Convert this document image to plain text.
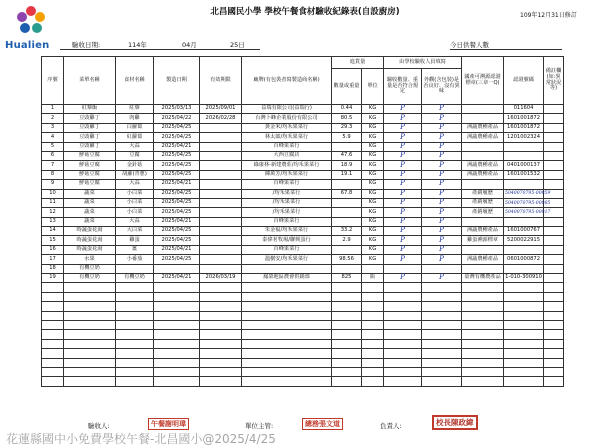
Hualien
北昌國民小學 學校午餐食材驗收紀錄表(自設廚房)	109年12月31日修訂
驗收日期:	114年	04月	25日	今日供餐人數
序號	菜單名稱	食材名稱	製造日期	有效期限	廠牌(有包裝者寫製造商名稱)	進貨量		由學校驗收人員填寫		國產可溯源認證標章(三章一Q)	認證號碼	備註欄(如:異常狀況等)
						數量或重量	單位	驗收數量、重量是否符合規定	外觀(含包裝)是否良好、沒有異味			
1	紅藜飯	紅藜	2025/03/13	2025/09/01	益瑞有限公司(益瑞行)	0.44	KG	P	P		011604	
2	豆豉雞丁	肉雞	2025/04/22	2026/02/28	台灣卜蜂企業股份有限公司	80.5	KG	P	P		1601001872	
3	豆豉雞丁	白蘿蔔	2025/04/25		黃金米/均禾果菜行	29.3	KG	P	P	洲蔬農種產品	1601001872	
4	豆豉雞丁	紅蘿蔔	2025/04/25		林太郎/均禾果菜行	5.9	KG	P	P	洲蔬農種產品	1201002324	
5	豆豉雞丁	大蒜	2025/04/21		百峰果菜行		KG	P	P			
6	鮮菇豆腐	豆腐	2025/04/25		大西豆腐店	47.6	KG	P	P			
7	鮮菇豆腐	金針菇	2025/04/25		綠康林-新建農莊/均禾果菜行	18.9	KG	P	P	洲蔬農種產品	0401000137	
8	鮮菇豆腐	胡蘿(青蔥)	2025/04/25		陳萬芳/均禾果菜行	19.1	KG	P	P	洲蔬農種產品	1601001532	
9	鮮菇豆腐	大蒜	2025/04/21		百峰果菜行		KG	P	P			
10	蔬菜	小白菜	2025/04/25		/均禾果菜行	67.8	KG	P	P	產銷履歷	5040070795-00059	
11	蔬菜	小白菜	2025/04/25		/均禾果菜行		KG	P	P	產銷履歷	5040070795-00085	
12	蔬菜	小白菜	2025/04/25		/均禾果菜行		KG	P	P	產銷履歷	5040070795-00017	
13	蔬菜	大蒜	2025/04/21		百峰果菜行		KG	P	P			
14	時蔬蛋花湯	大白菜	2025/04/25		朱金福/均禾果菜行	33.2	KG	P	P	洲蔬農種產品	1601000767	
15	時蔬蛋花湯	雞蛋	2025/04/25		泰偉茗牧場/聯興蛋行	2.9	KG	P	P	雞蛋溯源標章	5200022915	
16	時蔬蛋花湯	薑	2025/04/21		百峰果菜行		KG	P	P			
17	水果	小番茄	2025/04/25		溫樹安/均禾果菜行	98.56	KG	P	P	洲蔬農種產品	0601000872	
18	有機豆奶											
19	有機豆奶	有機豆奶	2025/04/21	2026/03/19	鳳榮地區農會供銷部	825	瓶	P	P	臺灣有機農產品	1-010-300910	

驗收人:	午餐謝明瑋	單位主管:	總務張文道	負責人:	校長陳政緯
花蓮縣國中小免費學校午餐-北昌國小@2025/4/25
